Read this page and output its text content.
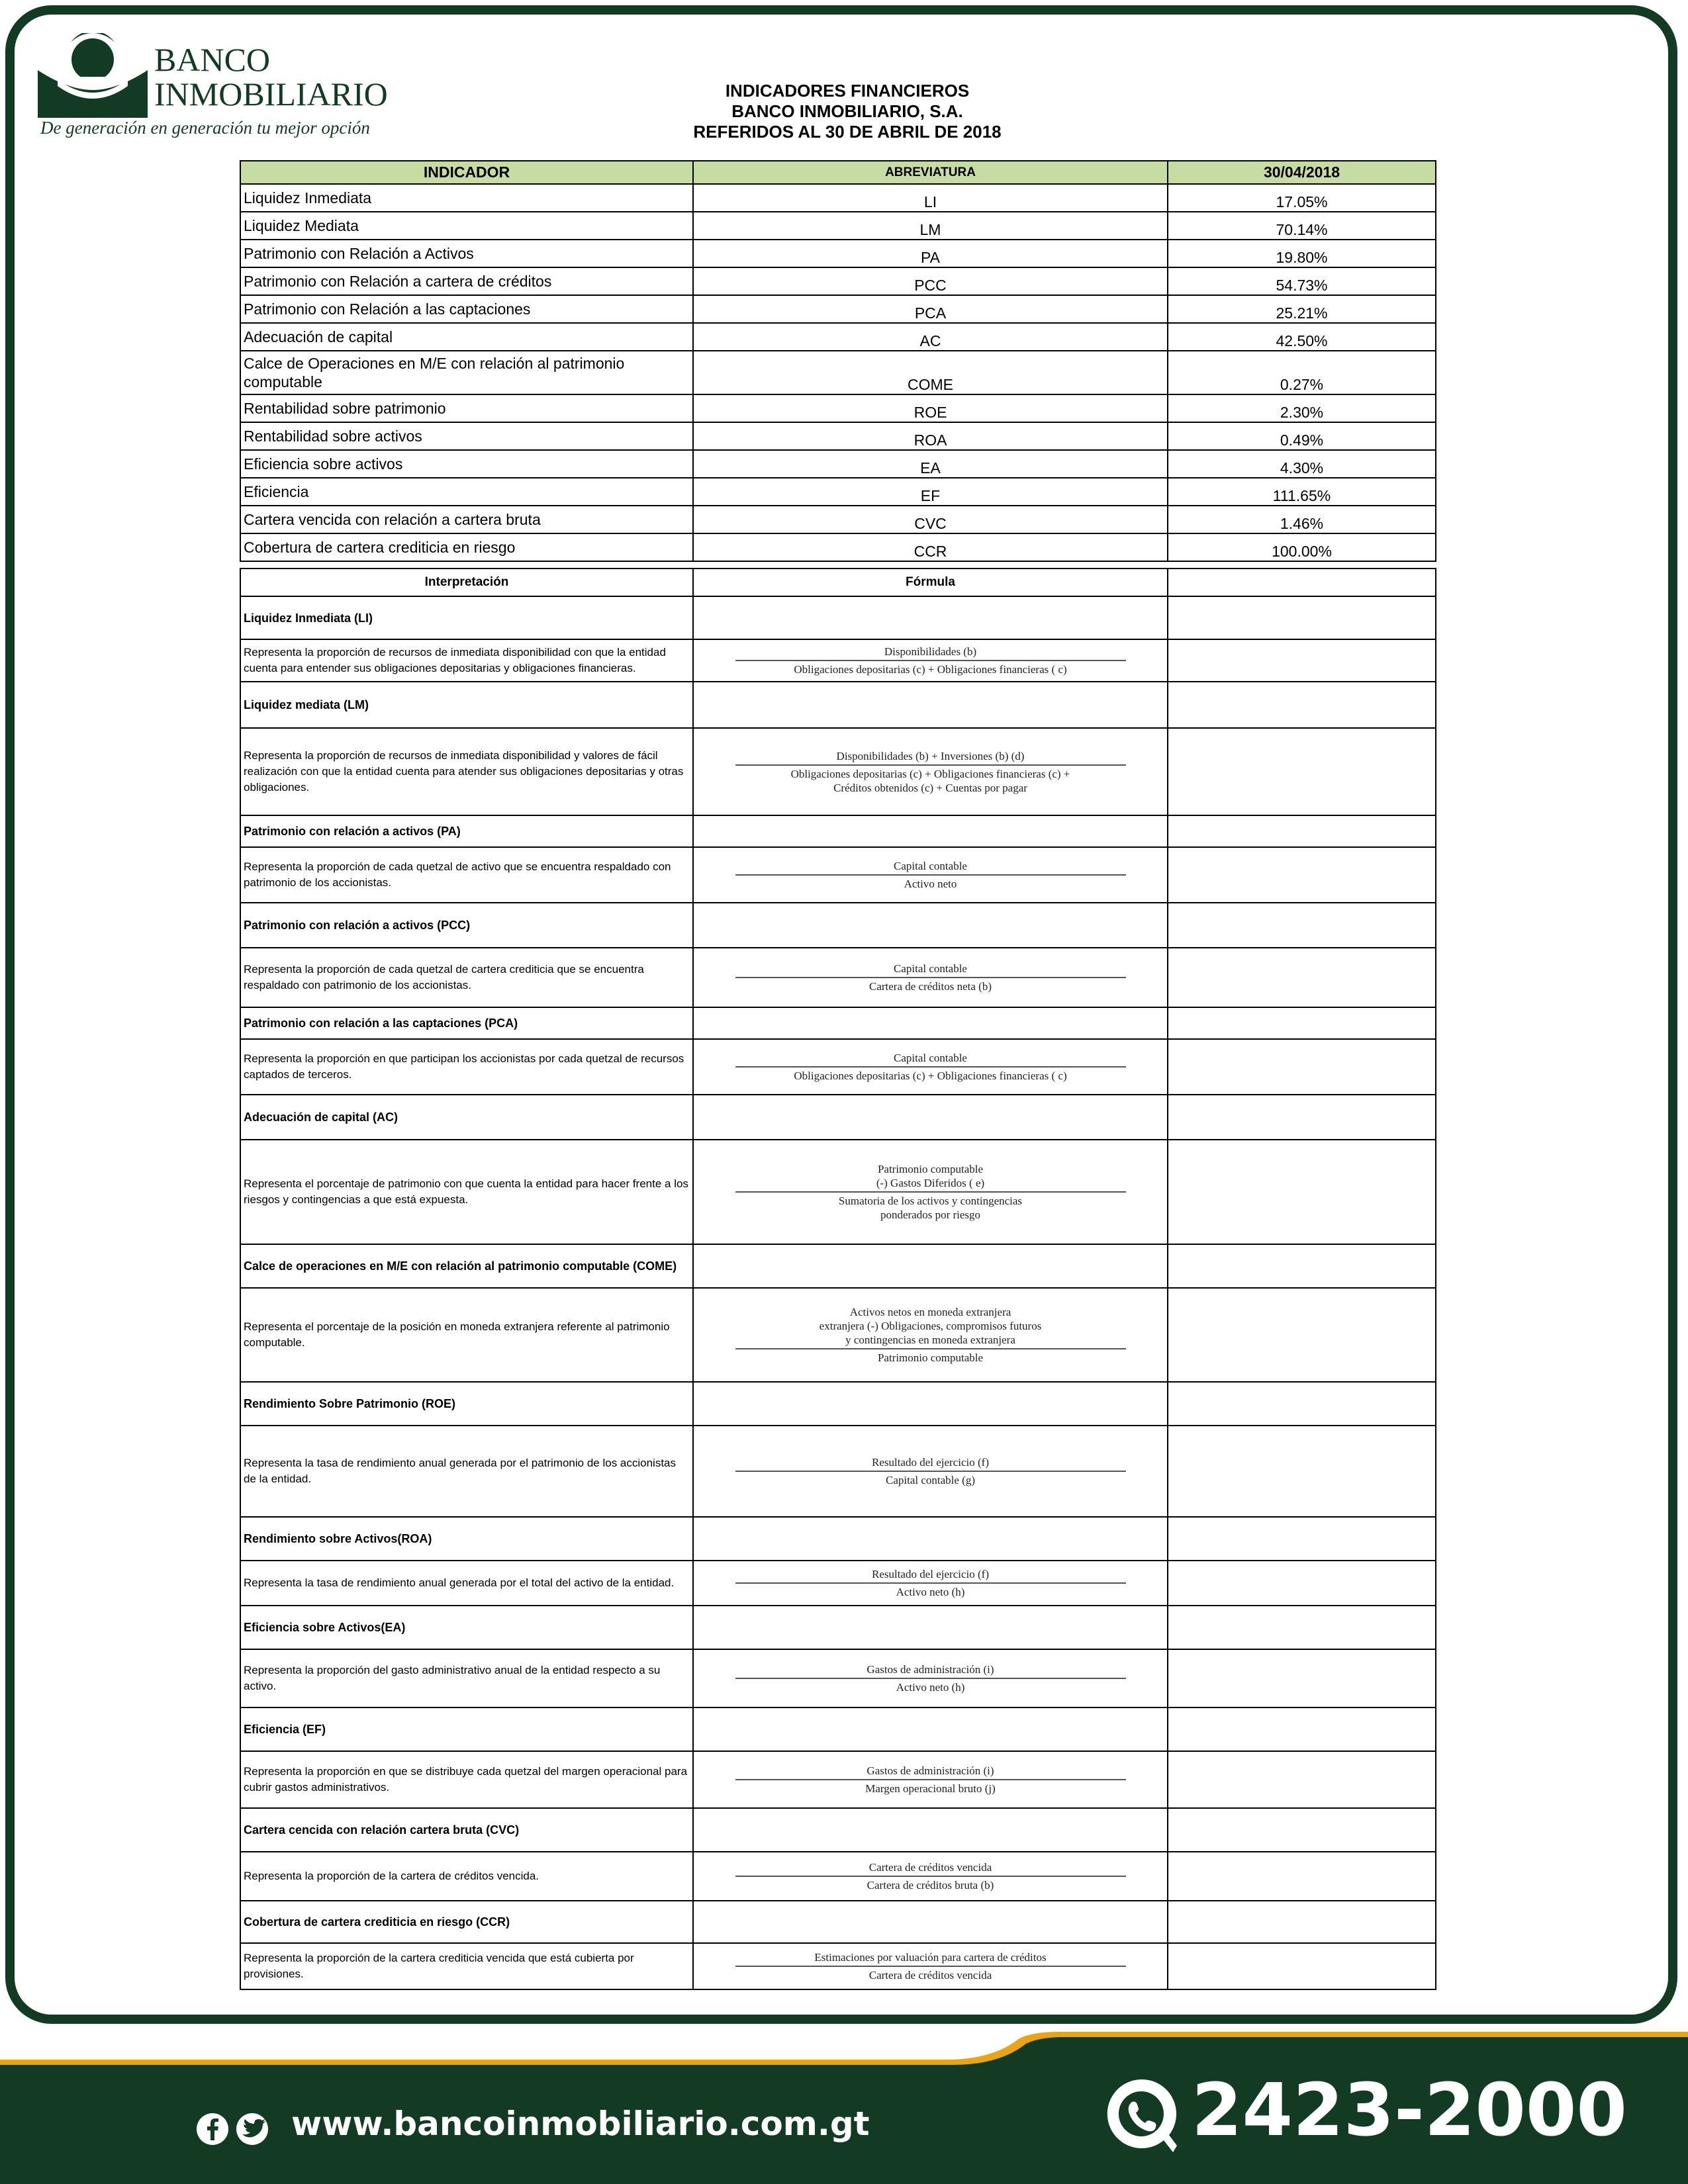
BANCO
INMOBILIARIO
De generación en generación tu mejor opción
INDICADORES FINANCIEROS
BANCO INMOBILIARIO, S.A.
REFERIDOS AL 30 DE ABRIL DE 2018
INDICADOR	ABREVIATURA	30/04/2018
Liquidez Inmediata	LI	17.05%
Liquidez Mediata	LM	70.14%
Patrimonio con Relación a Activos	PA	19.80%
Patrimonio con Relación a cartera de créditos	PCC	54.73%
Patrimonio con Relación a las captaciones	PCA	25.21%
Adecuación de capital	AC	42.50%
Calce de Operaciones en M/E con relación al patrimonio computable	COME	0.27%
Rentabilidad sobre patrimonio	ROE	2.30%
Rentabilidad sobre activos	ROA	0.49%
Eficiencia sobre activos	EA	4.30%
Eficiencia	EF	111.65%
Cartera vencida con relación a cartera bruta	CVC	1.46%
Cobertura de cartera crediticia en riesgo	CCR	100.00%
Interpretación	Fórmula	
Liquidez Inmediata (LI)		
Representa la proporción de recursos de inmediata disponibilidad con que la entidad cuenta para entender sus obligaciones depositarias y obligaciones financieras.	Disponibilidades (b)
Obligaciones depositarias (c) + Obligaciones financieras ( c)	

Liquidez mediata (LM)		
Representa la proporción de recursos de inmediata disponibilidad y valores de fácil realización con que la entidad cuenta para atender sus obligaciones depositarias y otras obligaciones.	Disponibilidades (b) + Inversiones (b) (d)
Obligaciones depositarias (c) + Obligaciones financieras (c) +
Créditos obtenidos (c) + Cuentas por pagar	

Patrimonio con relación a activos (PA)		
Representa la proporción de cada quetzal de activo que se encuentra respaldado con patrimonio de los accionistas.	Capital contable
Activo neto	

Patrimonio con relación a activos (PCC)		
Representa la proporción de cada quetzal de cartera crediticia que se encuentra respaldado con patrimonio de los accionistas.	Capital contable
Cartera de créditos neta (b)	

Patrimonio con relación a las captaciones (PCA)		
Representa la proporción en que participan los accionistas por cada quetzal de recursos captados de terceros.	Capital contable
Obligaciones depositarias (c) + Obligaciones financieras ( c)	

Adecuación de capital (AC)		
Representa el porcentaje de patrimonio con que cuenta la entidad para hacer frente a los riesgos y contingencias a que está expuesta.	Patrimonio computable
(-) Gastos Diferidos ( e)
Sumatoria de los activos y contingencias
ponderados por riesgo	

Calce de operaciones en M/E con relación al patrimonio computable (COME)		
Representa el porcentaje de la posición en moneda extranjera referente al patrimonio computable.	Activos netos en moneda extranjera
extranjera (-) Obligaciones, compromisos futuros
y contingencias en moneda extranjera
Patrimonio computable	

Rendimiento Sobre Patrimonio (ROE)		
Representa la tasa de rendimiento anual generada por el patrimonio de los accionistas de la entidad.	Resultado del ejercicio (f)
Capital contable (g)	

Rendimiento sobre Activos(ROA)		
Representa la tasa de rendimiento anual generada por el total del activo de la entidad.	Resultado del ejercicio (f)
Activo neto (h)	

Eficiencia sobre Activos(EA)		
Representa la proporción del gasto administrativo anual de la entidad respecto a su activo.	Gastos de administración (i)
Activo neto (h)	

Eficiencia (EF)		
Representa la proporción en que se distribuye cada quetzal del margen operacional para cubrir gastos administrativos.	Gastos de administración (i)
Margen operacional bruto (j)	

Cartera cencida con relación cartera bruta (CVC)		
Representa la proporción de la cartera de créditos vencida.	Cartera de créditos vencida
Cartera de créditos bruta (b)	

Cobertura de cartera crediticia en riesgo (CCR)		
Representa la proporción de la cartera crediticia vencida que está cubierta por provisiones.	Estimaciones por valuación para cartera de créditos
Cartera de créditos vencida	

www.bancoinmobiliario.com.gt	2423-2000
